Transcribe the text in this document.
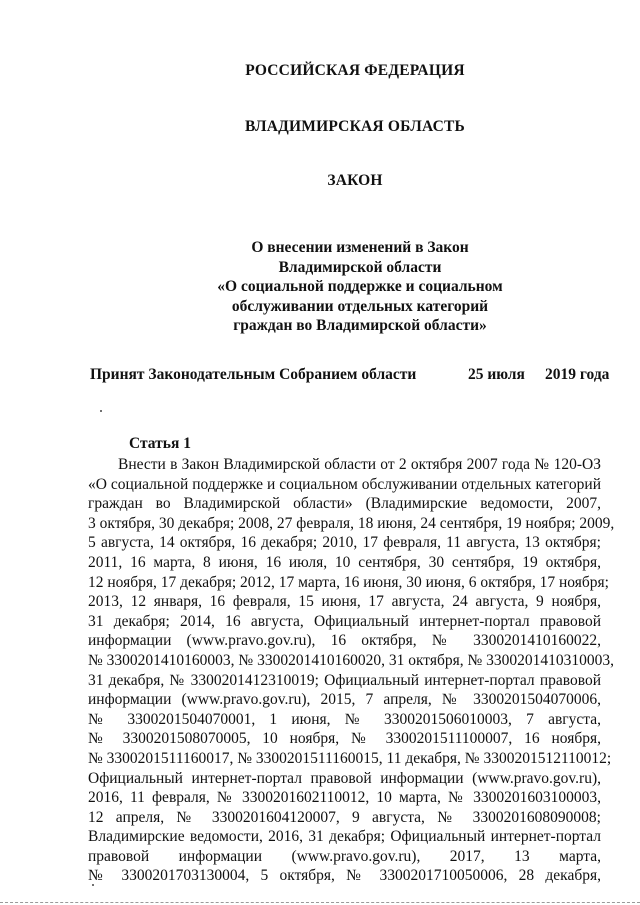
РОССИЙСКАЯ ФЕДЕРАЦИЯ
ВЛАДИМИРСКАЯ ОБЛАСТЬ
ЗАКОН
О внесении изменений в Закон
Владимирской области
«О социальной поддержке и социальном
обслуживании отдельных категорий
граждан во Владимирской области»
Принят Законодательным Собранием области	25 июля 2019 года
Статья 1
Внести в Закон Владимирской области от 2 октября 2007 года № 120-ОЗ
«О социальной поддержке и социальном обслуживании отдельных категорий
граждан во Владимирской области» (Владимирские ведомости, 2007,
3 октября, 30 декабря; 2008, 27 февраля, 18 июня, 24 сентября, 19 ноября; 2009,
5 августа, 14 октября, 16 декабря; 2010, 17 февраля, 11 августа, 13 октября;
2011, 16 марта, 8 июня, 16 июля, 10 сентября, 30 сентября, 19 октября,
12 ноября, 17 декабря; 2012, 17 марта, 16 июня, 30 июня, 6 октября, 17 ноября;
2013, 12 января, 16 февраля, 15 июня, 17 августа, 24 августа, 9 ноября,
31 декабря; 2014, 16 августа, Официальный интернет-портал правовой
информации (www.pravo.gov.ru), 16 октября, № 3300201410160022,
№ 3300201410160003, № 3300201410160020, 31 октября, № 3300201410310003,
31 декабря, № 3300201412310019; Официальный интернет-портал правовой
информации (www.pravo.gov.ru), 2015, 7 апреля, № 3300201504070006,
№ 3300201504070001, 1 июня, № 3300201506010003, 7 августа,
№ 3300201508070005, 10 ноября, № 3300201511100007, 16 ноября,
№ 3300201511160017, № 3300201511160015, 11 декабря, № 3300201512110012;
Официальный интернет-портал правовой информации (www.pravo.gov.ru),
2016, 11 февраля, № 3300201602110012, 10 марта, № 3300201603100003,
12 апреля, № 3300201604120007, 9 августа, № 3300201608090008;
Владимирские ведомости, 2016, 31 декабря; Официальный интернет-портал
правовой информации (www.pravo.gov.ru), 2017, 13 марта,
№ 3300201703130004, 5 октября, № 3300201710050006, 28 декабря,
